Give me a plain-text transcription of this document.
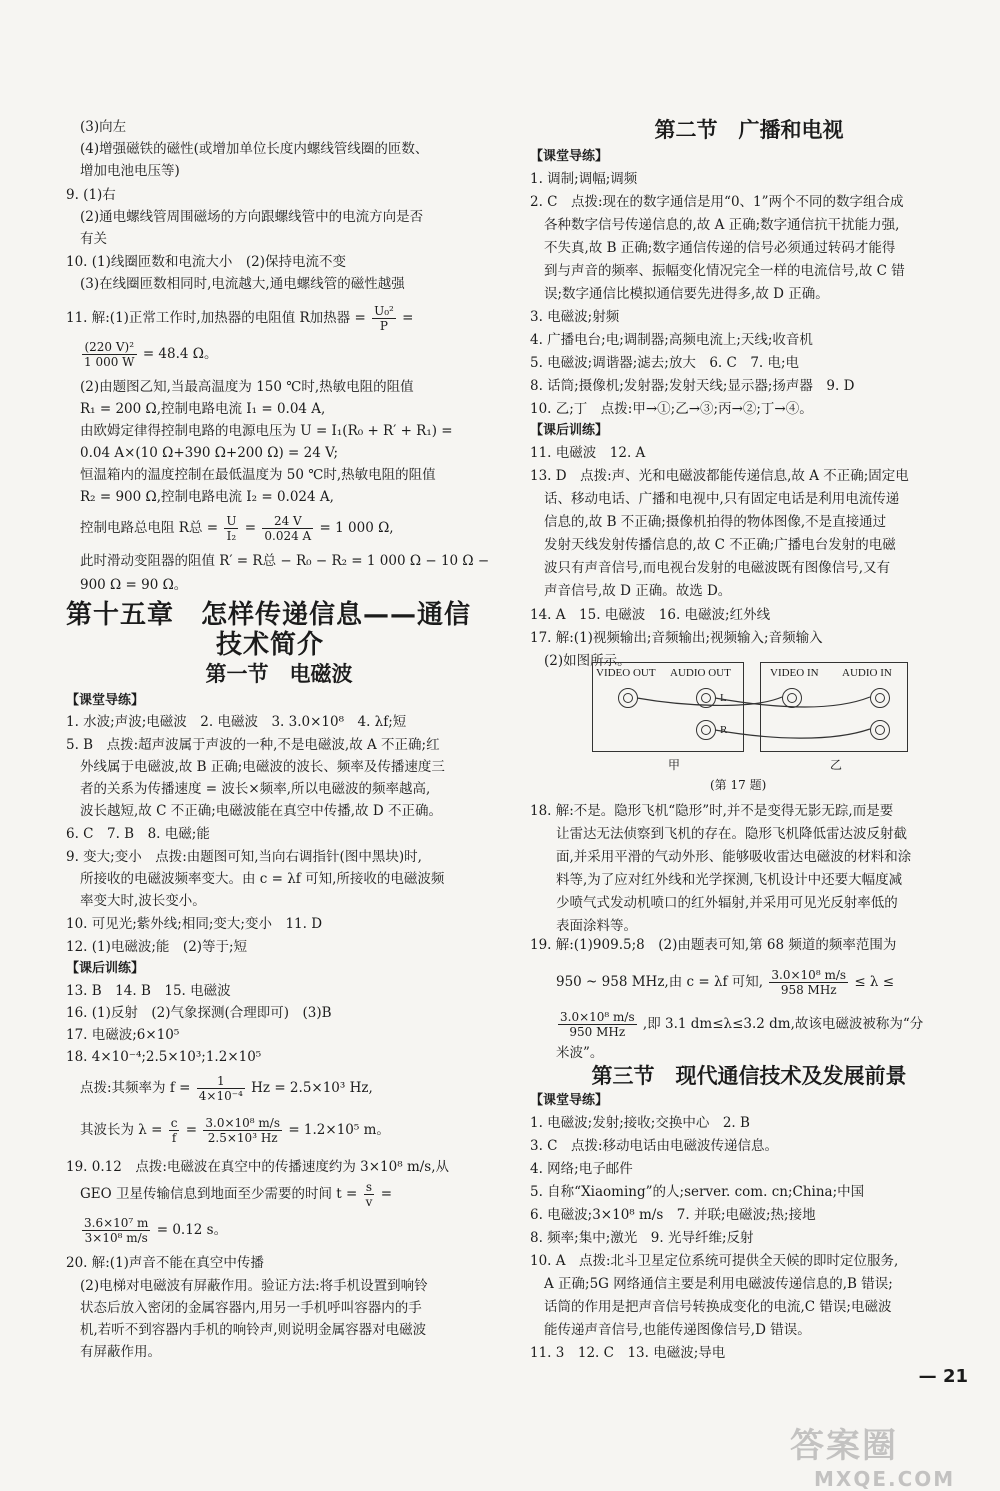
(3)向左
(4)增强磁铁的磁性(或增加单位长度内螺线管线圈的匝数、
增加电池电压等)
9. (1)右
(2)通电螺线管周围磁场的方向跟螺线管中的电流方向是否
有关
10. (1)线圈匝数和电流大小　(2)保持电流不变
(3)在线圈匝数相同时,电流越大,通电螺线管的磁性越强
11. 解:(1)正常工作时,加热器的电阻值 R加热器 = $\frac{\text{U₀²}}{P}$ =
$\frac{\text{(220 V)²}}{1 000 W} = 48.4$ Ω。
(2)由题图乙知,当最高温度为 150 ℃时,热敏电阻的阻值
R₁ = 200 Ω,控制电路电流 I₁ = 0.04 A,
由欧姆定律得控制电路的电源电压为 U = I₁(R₀ + R′ + R₁) =
0.04 A×(10 Ω+390 Ω+200 Ω) = 24 V;
恒温箱内的温度控制在最低温度为 50 ℃时,热敏电阻的阻值
R₂ = 900 Ω,控制电路电流 I₂ = 0.024 A,
控制电路总电阻 R总 = $\frac{U}{\text{I₂}} = \frac{24 V}{0.024 A} = 1$ 000 Ω,
此时滑动变阻器的阻值 R′ = R总 − R₀ − R₂ = 1 000 Ω − 10 Ω −
900 Ω = 90 Ω。
第十五章　怎样传递信息——通信
技术简介
第一节　电磁波
【课堂导练】
1. 水波;声波;电磁波　2. 电磁波　3. 3.0×10⁸　4. λf;短
5. B　点拨:超声波属于声波的一种,不是电磁波,故 A 不正确;红
外线属于电磁波,故 B 正确;电磁波的波长、频率及传播速度三
者的关系为传播速度 = 波长×频率,所以电磁波的频率越高,
波长越短,故 C 不正确;电磁波能在真空中传播,故 D 不正确。
6. C　7. B　8. 电磁;能
9. 变大;变小　点拨:由题图可知,当向右调指针(图中黑块)时,
所接收的电磁波频率变大。由 c = λf 可知,所接收的电磁波频
率变大时,波长变小。
10. 可见光;紫外线;相同;变大;变小　11. D
12. (1)电磁波;能　(2)等于;短
【课后训练】
13. B　14. B　15. 电磁波
16. (1)反射　(2)气象探测(合理即可)　(3)B
17. 电磁波;6×10⁵
18. 4×10⁻⁴;2.5×10³;1.2×10⁵
点拨:其频率为 $f = \frac{1}{\text{4×10⁻⁴}}$ Hz = 2.5×10³ Hz,
其波长为 $\lambda = \frac{c}{f} = \frac{\text{3.0×10⁸ m/s}}{\text{2.5×10³ Hz}} = 1.2\times 10^5$ m。
19. 0.12　点拨:电磁波在真空中的传播速度约为 3×10⁸ m/s,从
GEO 卫星传输信息到地面至少需要的时间 $t = \frac{s}{v}$ =
$\frac{\text{3.6×10⁷ m}}{\text{3×10⁸ m/s}} = 0.12$ s。
20. 解:(1)声音不能在真空中传播
(2)电梯对电磁波有屏蔽作用。验证方法:将手机设置到响铃
状态后放入密闭的金属容器内,用另一手机呼叫容器内的手
机,若听不到容器内手机的响铃声,则说明金属容器对电磁波
有屏蔽作用。
第二节　广播和电视
【课堂导练】
1. 调制;调幅;调频
2. C　点拨:现在的数字通信是用“0、1”两个不同的数字组合成
各种数字信号传递信息的,故 A 正确;数字通信抗干扰能力强,
不失真,故 B 正确;数字通信传递的信号必须通过转码才能得
到与声音的频率、振幅变化情况完全一样的电流信号,故 C 错
误;数字通信比模拟通信要先进得多,故 D 正确。
3. 电磁波;射频
4. 广播电台;电;调制器;高频电流上;天线;收音机
5. 电磁波;调谐器;滤去;放大　6. C　7. 电;电
8. 话筒;摄像机;发射器;发射天线;显示器;扬声器　9. D
10. 乙;丁　点拨:甲→①;乙→③;丙→②;丁→④。
【课后训练】
11. 电磁波　12. A
13. D　点拨:声、光和电磁波都能传递信息,故 A 不正确;固定电
话、移动电话、广播和电视中,只有固定电话是利用电流传递
信息的,故 B 不正确;摄像机拍得的物体图像,不是直接通过
发射天线发射传播信息的,故 C 不正确;广播电台发射的电磁
波只有声音信号,而电视台发射的电磁波既有图像信号,又有
声音信号,故 D 正确。故选 D。
14. A　15. 电磁波　16. 电磁波;红外线
17. 解:(1)视频输出;音频输出;视频输入;音频输入
(2)如图所示。
VIDEO OUT AUDIO OUT	VIDEO IN AUDIO IN
L
R
甲	乙
(第 17 题)
18. 解:不是。隐形飞机“隐形”时,并不是变得无影无踪,而是要
让雷达无法侦察到飞机的存在。隐形飞机降低雷达波反射截
面,并采用平滑的气动外形、能够吸收雷达电磁波的材料和涂
料等,为了应对红外线和光学探测,飞机设计中还要大幅度减
少喷气式发动机喷口的红外辐射,并采用可见光反射率低的
表面涂料等。
19. 解:(1)909.5;8　(2)由题表可知,第 68 频道的频率范围为
950 ~ 958 MHz,由 c = λf 可知, $\frac{\text{3.0×10⁸ m/s}}{\text{958 MHz}} \le \lambda$ ≤
$\frac{\text{3.0×10⁸ m/s}}{\text{950 MHz}}$ ,即 3.1 dm≤λ≤3.2 dm,故该电磁波被称为“分
米波”。
第三节　现代通信技术及发展前景
【课堂导练】
1. 电磁波;发射;接收;交换中心　2. B
3. C　点拨:移动电话由电磁波传递信息。
4. 网络;电子邮件
5. 自称“Xiaoming”的人;server. com. cn;China;中国
6. 电磁波;3×10⁸ m/s　7. 并联;电磁波;热;接地
8. 频率;集中;激光　9. 光导纤维;反射
10. A　点拨:北斗卫星定位系统可提供全天候的即时定位服务,
A 正确;5G 网络通信主要是利用电磁波传递信息的,B 错误;
话筒的作用是把声音信号转换成变化的电流,C 错误;电磁波
能传递声音信号,也能传递图像信号,D 错误。
11. 3　12. C　13. 电磁波;导电
— 21
答案圈
MXQE.COM
